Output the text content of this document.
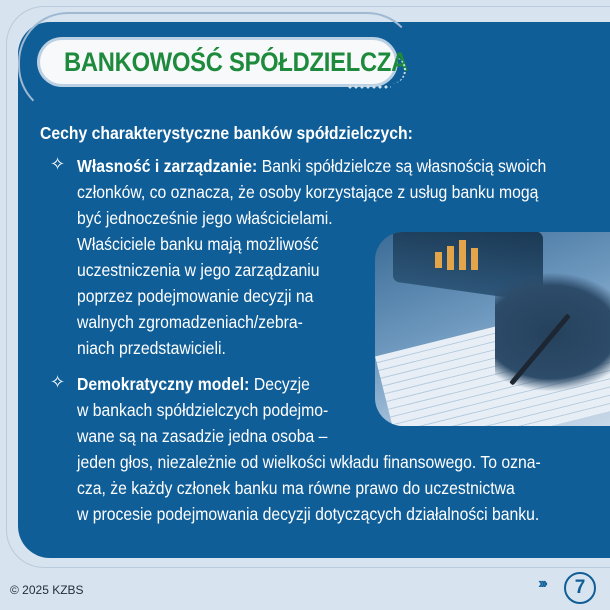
BANKOWOŚĆ SPÓŁDZIELCZA
Cechy charakterystyczne banków spółdzielczych:
✧ Własność i zarządzanie: Banki spółdzielcze są własnością swoich
członków, co oznacza, że osoby korzystające z usług banku mogą
być jednocześnie jego właścicielami.
Właściciele banku mają możliwość
uczestniczenia w jego zarządzaniu
poprzez podejmowanie decyzji na
walnych zgromadzeniach/zebra-
niach przedstawicieli.
✧ Demokratyczny model: Decyzje
w bankach spółdzielczych podejmo-
wane są na zasadzie jedna osoba –
jeden głos, niezależnie od wielkości wkładu finansowego. To ozna-
cza, że każdy członek banku ma równe prawo do uczestnictwa
w procesie podejmowania decyzji dotyczących działalności banku.
© 2025 KZBS	›››	7
